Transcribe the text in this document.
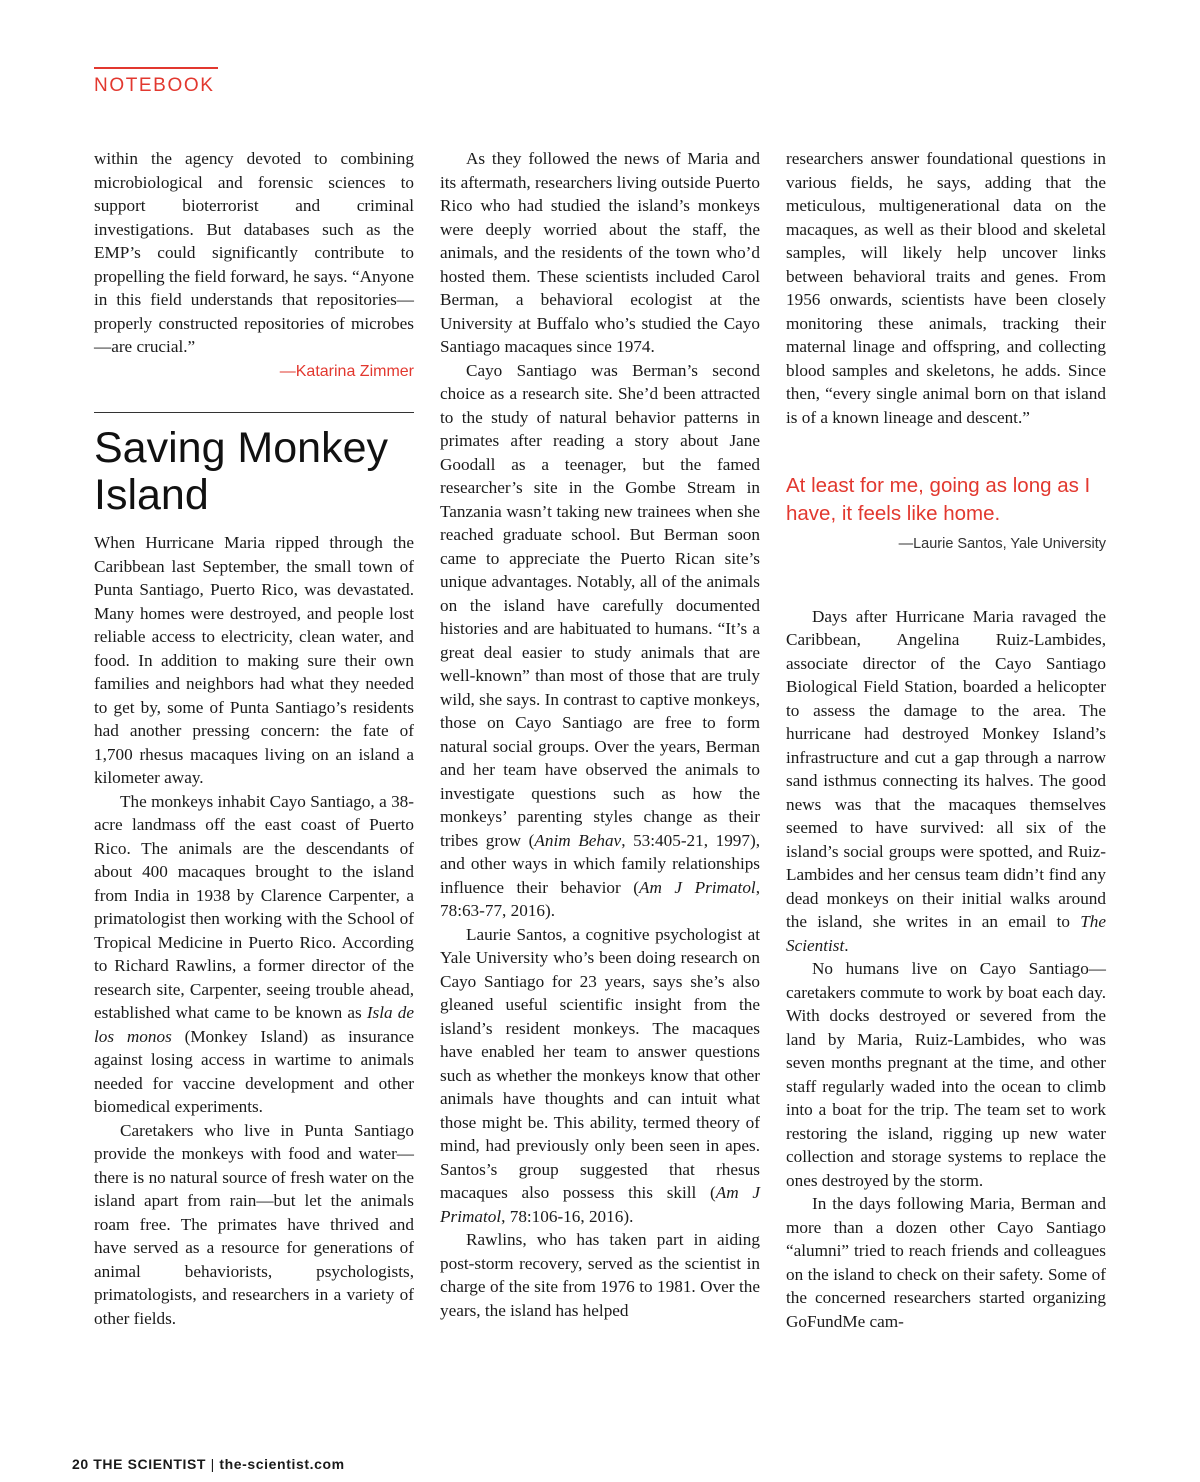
NOTEBOOK

within the agency devoted to combining microbiological and forensic sciences to support bioterrorist and criminal investigations. But databases such as the EMP’s could significantly contribute to propelling the field forward, he says. “Anyone in this field understands that repositories—properly constructed repositories of microbes—are crucial.”

—Katarina Zimmer
Saving Monkey Island

When Hurricane Maria ripped through the Caribbean last September, the small town of Punta Santiago, Puerto Rico, was devastated. Many homes were destroyed, and people lost reliable access to electricity, clean water, and food. In addition to making sure their own families and neighbors had what they needed to get by, some of Punta Santiago’s residents had another pressing concern: the fate of 1,700 rhesus macaques living on an island a kilometer away.

The monkeys inhabit Cayo Santiago, a 38-acre landmass off the east coast of Puerto Rico. The animals are the descendants of about 400 macaques brought to the island from India in 1938 by Clarence Carpenter, a primatologist then working with the School of Tropical Medicine in Puerto Rico. According to Richard Rawlins, a former director of the research site, Carpenter, seeing trouble ahead, established what came to be known as Isla de los monos (Monkey Island) as insurance against losing access in wartime to animals needed for vaccine development and other biomedical experiments.

Caretakers who live in Punta Santiago provide the monkeys with food and water—there is no natural source of fresh water on the island apart from rain—but let the animals roam free. The primates have thrived and have served as a resource for generations of animal behaviorists, psychologists, primatologists, and researchers in a variety of other fields.

As they followed the news of Maria and its aftermath, researchers living outside Puerto Rico who had studied the island’s monkeys were deeply worried about the staff, the animals, and the residents of the town who’d hosted them. These scientists included Carol Berman, a behavioral ecologist at the University at Buffalo who’s studied the Cayo Santiago macaques since 1974.

Cayo Santiago was Berman’s second choice as a research site. She’d been attracted to the study of natural behavior patterns in primates after reading a story about Jane Goodall as a teenager, but the famed researcher’s site in the Gombe Stream in Tanzania wasn’t taking new trainees when she reached graduate school. But Berman soon came to appreciate the Puerto Rican site’s unique advantages. Notably, all of the animals on the island have carefully documented histories and are habituated to humans. “It’s a great deal easier to study animals that are well-known” than most of those that are truly wild, she says. In contrast to captive monkeys, those on Cayo Santiago are free to form natural social groups. Over the years, Berman and her team have observed the animals to investigate questions such as how the monkeys’ parenting styles change as their tribes grow (Anim Behav, 53:405-21, 1997), and other ways in which family relationships influence their behavior (Am J Primatol, 78:63-77, 2016).

Laurie Santos, a cognitive psychologist at Yale University who’s been doing research on Cayo Santiago for 23 years, says she’s also gleaned useful scientific insight from the island’s resident monkeys. The macaques have enabled her team to answer questions such as whether the monkeys know that other animals have thoughts and can intuit what those might be. This ability, termed theory of mind, had previously only been seen in apes. Santos’s group suggested that rhesus macaques also possess this skill (Am J Primatol, 78:106-16, 2016).

Rawlins, who has taken part in aiding post-storm recovery, served as the scientist in charge of the site from 1976 to 1981. Over the years, the island has helped

researchers answer foundational questions in various fields, he says, adding that the meticulous, multigenerational data on the macaques, as well as their blood and skeletal samples, will likely help uncover links between behavioral traits and genes. From 1956 onwards, scientists have been closely monitoring these animals, tracking their maternal linage and offspring, and collecting blood samples and skeletons, he adds. Since then, “every single animal born on that island is of a known lineage and descent.”

At least for me, going as long as I have, it feels like home.
—Laurie Santos, Yale University

Days after Hurricane Maria ravaged the Caribbean, Angelina Ruiz-Lambides, associate director of the Cayo Santiago Biological Field Station, boarded a helicopter to assess the damage to the area. The hurricane had destroyed Monkey Island’s infrastructure and cut a gap through a narrow sand isthmus connecting its halves. The good news was that the macaques themselves seemed to have survived: all six of the island’s social groups were spotted, and Ruiz-Lambides and her census team didn’t find any dead monkeys on their initial walks around the island, she writes in an email to The Scientist.

No humans live on Cayo Santiago—caretakers commute to work by boat each day. With docks destroyed or severed from the land by Maria, Ruiz-Lambides, who was seven months pregnant at the time, and other staff regularly waded into the ocean to climb into a boat for the trip. The team set to work restoring the island, rigging up new water collection and storage systems to replace the ones destroyed by the storm.

In the days following Maria, Berman and more than a dozen other Cayo Santiago “alumni” tried to reach friends and colleagues on the island to check on their safety. Some of the concerned researchers started organizing GoFundMe cam-

20 THE SCIENTIST | the-scientist.com
